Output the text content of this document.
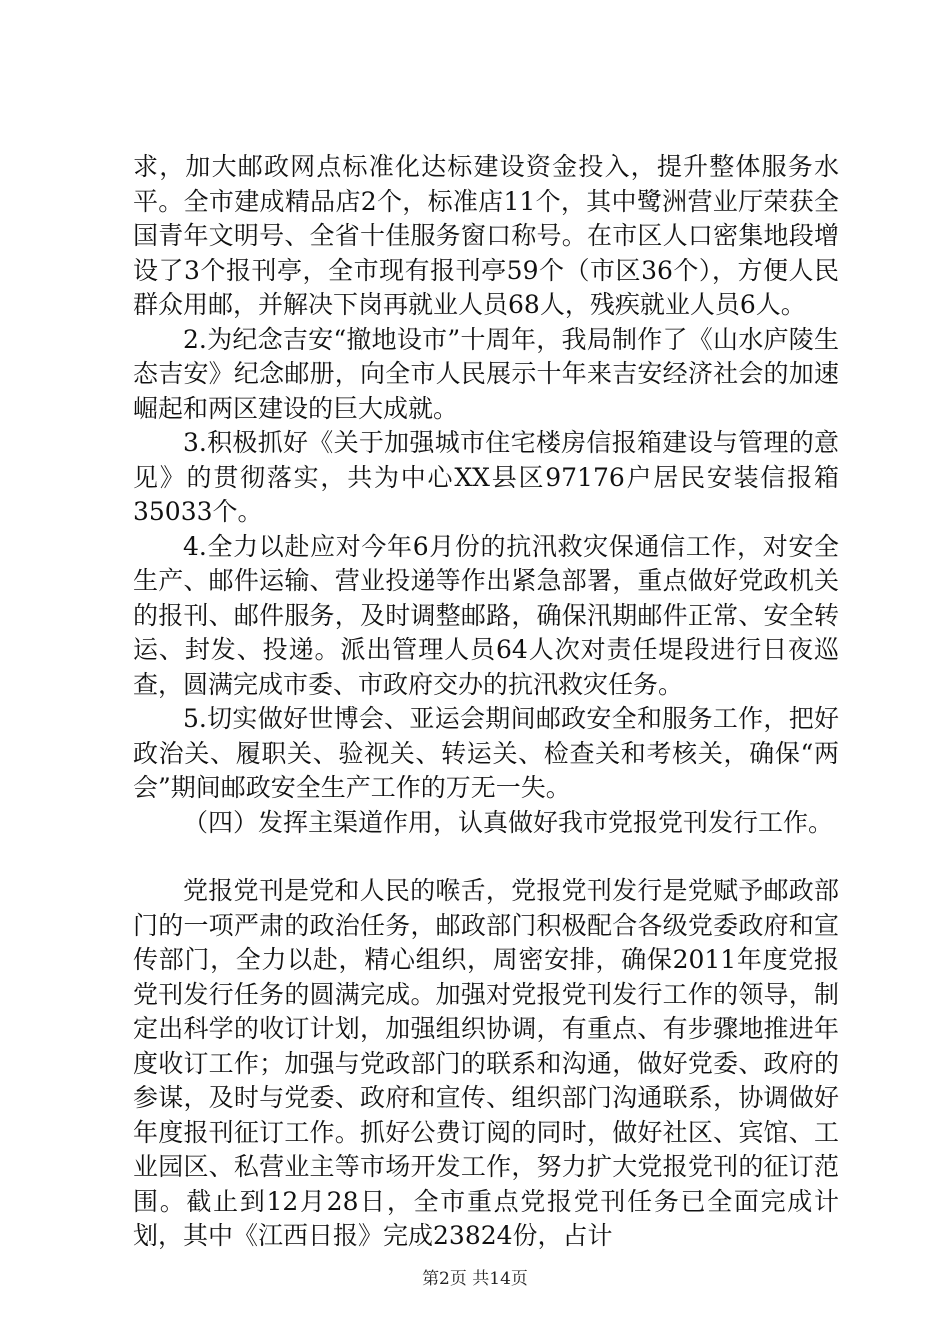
求，加大邮政网点标准化达标建设资金投入，提升整体服务水平。全市建成精品店2个，标准店11个，其中鹭洲营业厅荣获全国青年文明号、全省十佳服务窗口称号。在市区人口密集地段增设了3个报刊亭，全市现有报刊亭59个（市区36个），方便人民群众用邮，并解决下岗再就业人员68人，残疾就业人员6人。

2.为纪念吉安“撤地设市”十周年，我局制作了《山水庐陵生态吉安》纪念邮册，向全市人民展示十年来吉安经济社会的加速崛起和两区建设的巨大成就。

3.积极抓好《关于加强城市住宅楼房信报箱建设与管理的意见》的贯彻落实，共为中心XX县区97176户居民安装信报箱35033个。

4.全力以赴应对今年6月份的抗汛救灾保通信工作，对安全生产、邮件运输、营业投递等作出紧急部署，重点做好党政机关的报刊、邮件服务，及时调整邮路，确保汛期邮件正常、安全转运、封发、投递。派出管理人员64人次对责任堤段进行日夜巡查，圆满完成市委、市政府交办的抗汛救灾任务。

5.切实做好世博会、亚运会期间邮政安全和服务工作，把好政治关、履职关、验视关、转运关、检查关和考核关，确保“两会”期间邮政安全生产工作的万无一失。

（四）发挥主渠道作用，认真做好我市党报党刊发行工作。

党报党刊是党和人民的喉舌，党报党刊发行是党赋予邮政部门的一项严肃的政治任务，邮政部门积极配合各级党委政府和宣传部门，全力以赴，精心组织，周密安排，确保2011年度党报党刊发行任务的圆满完成。加强对党报党刊发行工作的领导，制定出科学的收订计划，加强组织协调，有重点、有步骤地推进年度收订工作；加强与党政部门的联系和沟通，做好党委、政府的参谋，及时与党委、政府和宣传、组织部门沟通联系，协调做好年度报刊征订工作。抓好公费订阅的同时，做好社区、宾馆、工业园区、私营业主等市场开发工作，努力扩大党报党刊的征订范围。截止到12月28日，全市重点党报党刊任务已全面完成计划，其中《江西日报》完成23824份，占计

第2页 共14页
